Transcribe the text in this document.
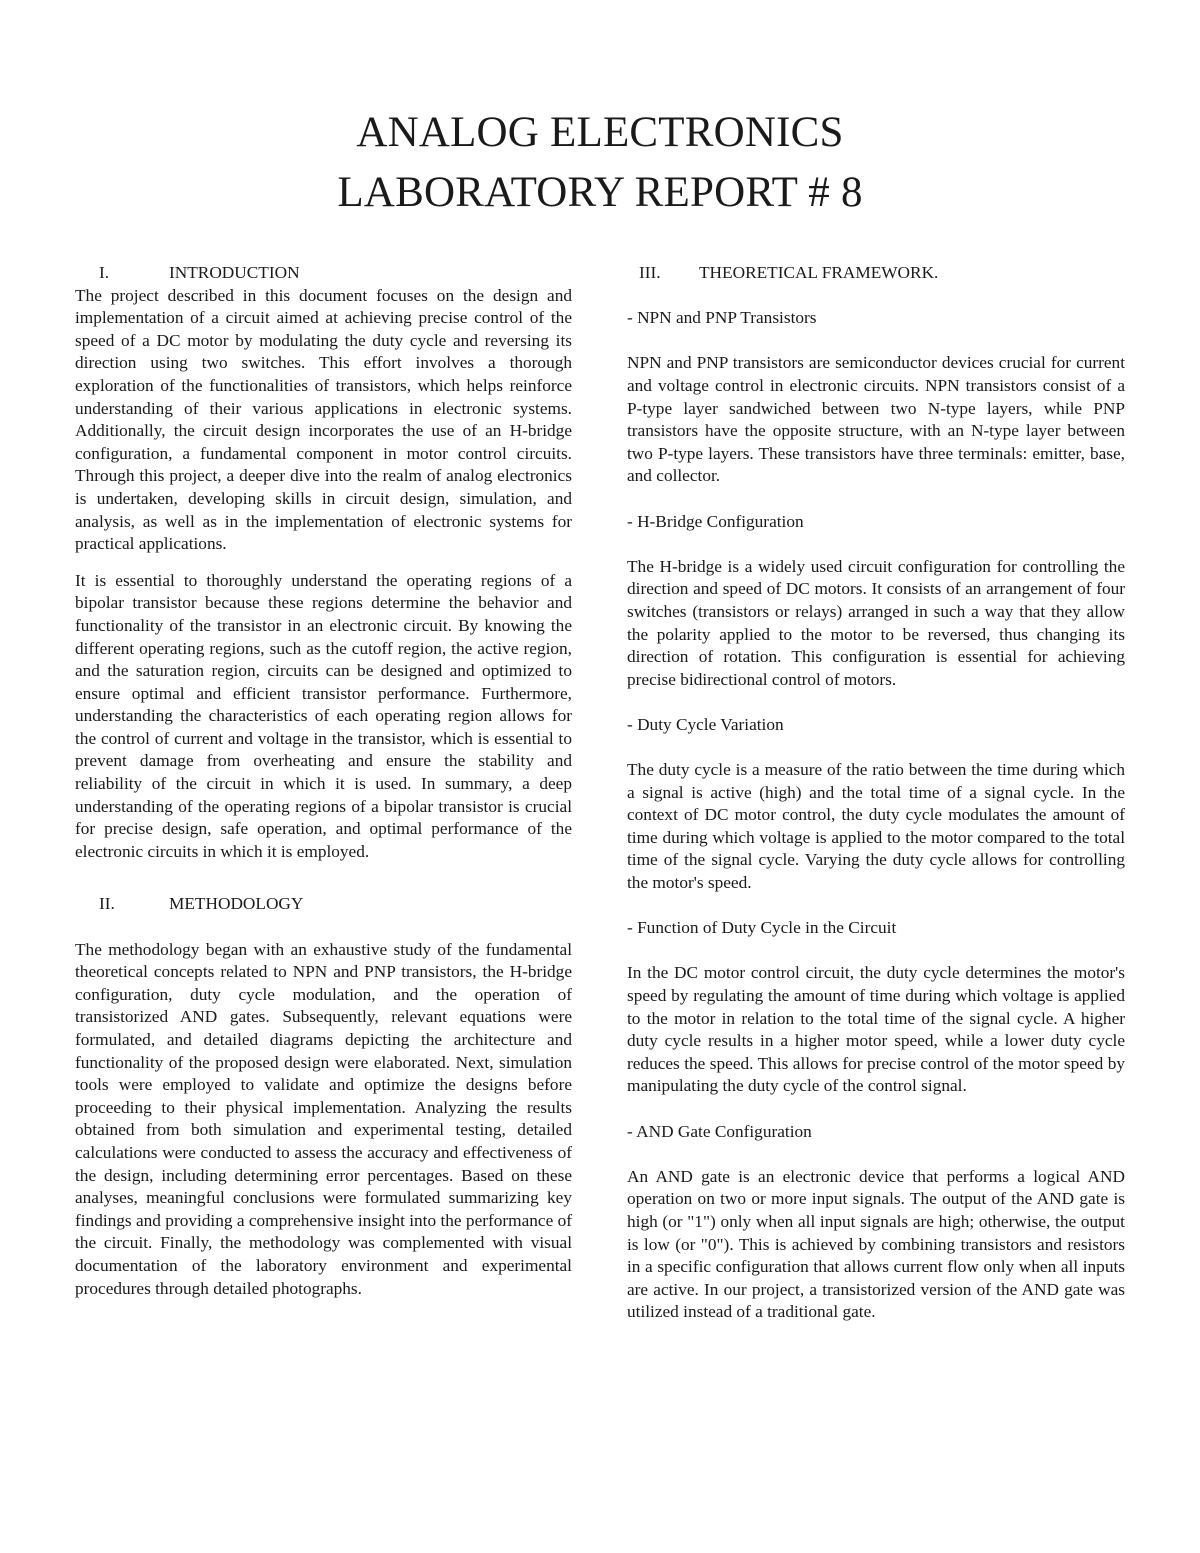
ANALOG ELECTRONICS
LABORATORY REPORT # 8
I.	INTRODUCTION

The project described in this document focuses on the design and implementation of a circuit aimed at achieving precise control of the speed of a DC motor by modulating the duty cycle and reversing its direction using two switches. This effort involves a thorough exploration of the functionalities of transistors, which helps reinforce understanding of their various applications in electronic systems. Additionally, the circuit design incorporates the use of an H-bridge configuration, a fundamental component in motor control circuits. Through this project, a deeper dive into the realm of analog electronics is undertaken, developing skills in circuit design, simulation, and analysis, as well as in the implementation of electronic systems for practical applications.

It is essential to thoroughly understand the operating regions of a bipolar transistor because these regions determine the behavior and functionality of the transistor in an electronic circuit. By knowing the different operating regions, such as the cutoff region, the active region, and the saturation region, circuits can be designed and optimized to ensure optimal and efficient transistor performance. Furthermore, understanding the characteristics of each operating region allows for the control of current and voltage in the transistor, which is essential to prevent damage from overheating and ensure the stability and reliability of the circuit in which it is used. In summary, a deep understanding of the operating regions of a bipolar transistor is crucial for precise design, safe operation, and optimal performance of the electronic circuits in which it is employed.

II.	METHODOLOGY

The methodology began with an exhaustive study of the fundamental theoretical concepts related to NPN and PNP transistors, the H-bridge configuration, duty cycle modulation, and the operation of transistorized AND gates. Subsequently, relevant equations were formulated, and detailed diagrams depicting the architecture and functionality of the proposed design were elaborated. Next, simulation tools were employed to validate and optimize the designs before proceeding to their physical implementation. Analyzing the results obtained from both simulation and experimental testing, detailed calculations were conducted to assess the accuracy and effectiveness of the design, including determining error percentages. Based on these analyses, meaningful conclusions were formulated summarizing key findings and providing a comprehensive insight into the performance of the circuit. Finally, the methodology was complemented with visual documentation of the laboratory environment and experimental procedures through detailed photographs.

III.	THEORETICAL FRAMEWORK.

- NPN and PNP Transistors

NPN and PNP transistors are semiconductor devices crucial for current and voltage control in electronic circuits. NPN transistors consist of a P-type layer sandwiched between two N-type layers, while PNP transistors have the opposite structure, with an N-type layer between two P-type layers. These transistors have three terminals: emitter, base, and collector.

- H-Bridge Configuration

The H-bridge is a widely used circuit configuration for controlling the direction and speed of DC motors. It consists of an arrangement of four switches (transistors or relays) arranged in such a way that they allow the polarity applied to the motor to be reversed, thus changing its direction of rotation. This configuration is essential for achieving precise bidirectional control of motors.

- Duty Cycle Variation

The duty cycle is a measure of the ratio between the time during which a signal is active (high) and the total time of a signal cycle. In the context of DC motor control, the duty cycle modulates the amount of time during which voltage is applied to the motor compared to the total time of the signal cycle. Varying the duty cycle allows for controlling the motor's speed.

- Function of Duty Cycle in the Circuit

In the DC motor control circuit, the duty cycle determines the motor's speed by regulating the amount of time during which voltage is applied to the motor in relation to the total time of the signal cycle. A higher duty cycle results in a higher motor speed, while a lower duty cycle reduces the speed. This allows for precise control of the motor speed by manipulating the duty cycle of the control signal.

- AND Gate Configuration

An AND gate is an electronic device that performs a logical AND operation on two or more input signals. The output of the AND gate is high (or "1") only when all input signals are high; otherwise, the output is low (or "0"). This is achieved by combining transistors and resistors in a specific configuration that allows current flow only when all inputs are active. In our project, a transistorized version of the AND gate was utilized instead of a traditional gate.
